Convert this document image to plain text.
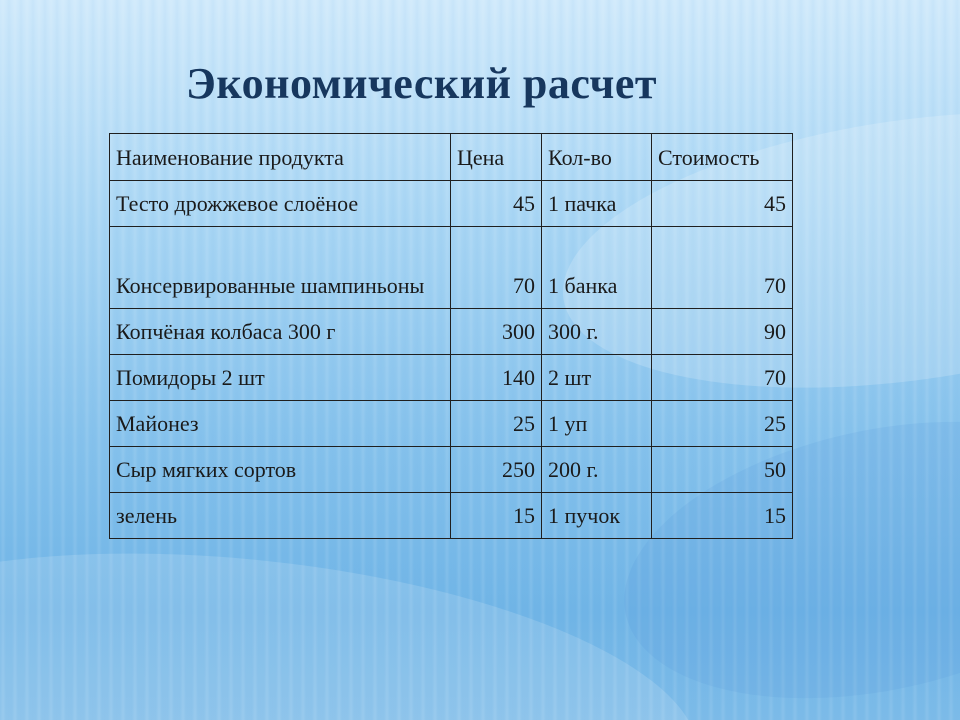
Экономический расчет
Наименование продукта	Цена	Кол-во	Стоимость
Тесто дрожжевое слоёное	45	1 пачка	45
Консервированные шампиньоны	70	1 банка	70
Копчёная колбаса 300 г	300	300 г.	90
Помидоры 2 шт	140	2 шт	70
Майонез	25	1 уп	25
Сыр мягких сортов	250	200 г.	50
зелень	15	1 пучок	15
